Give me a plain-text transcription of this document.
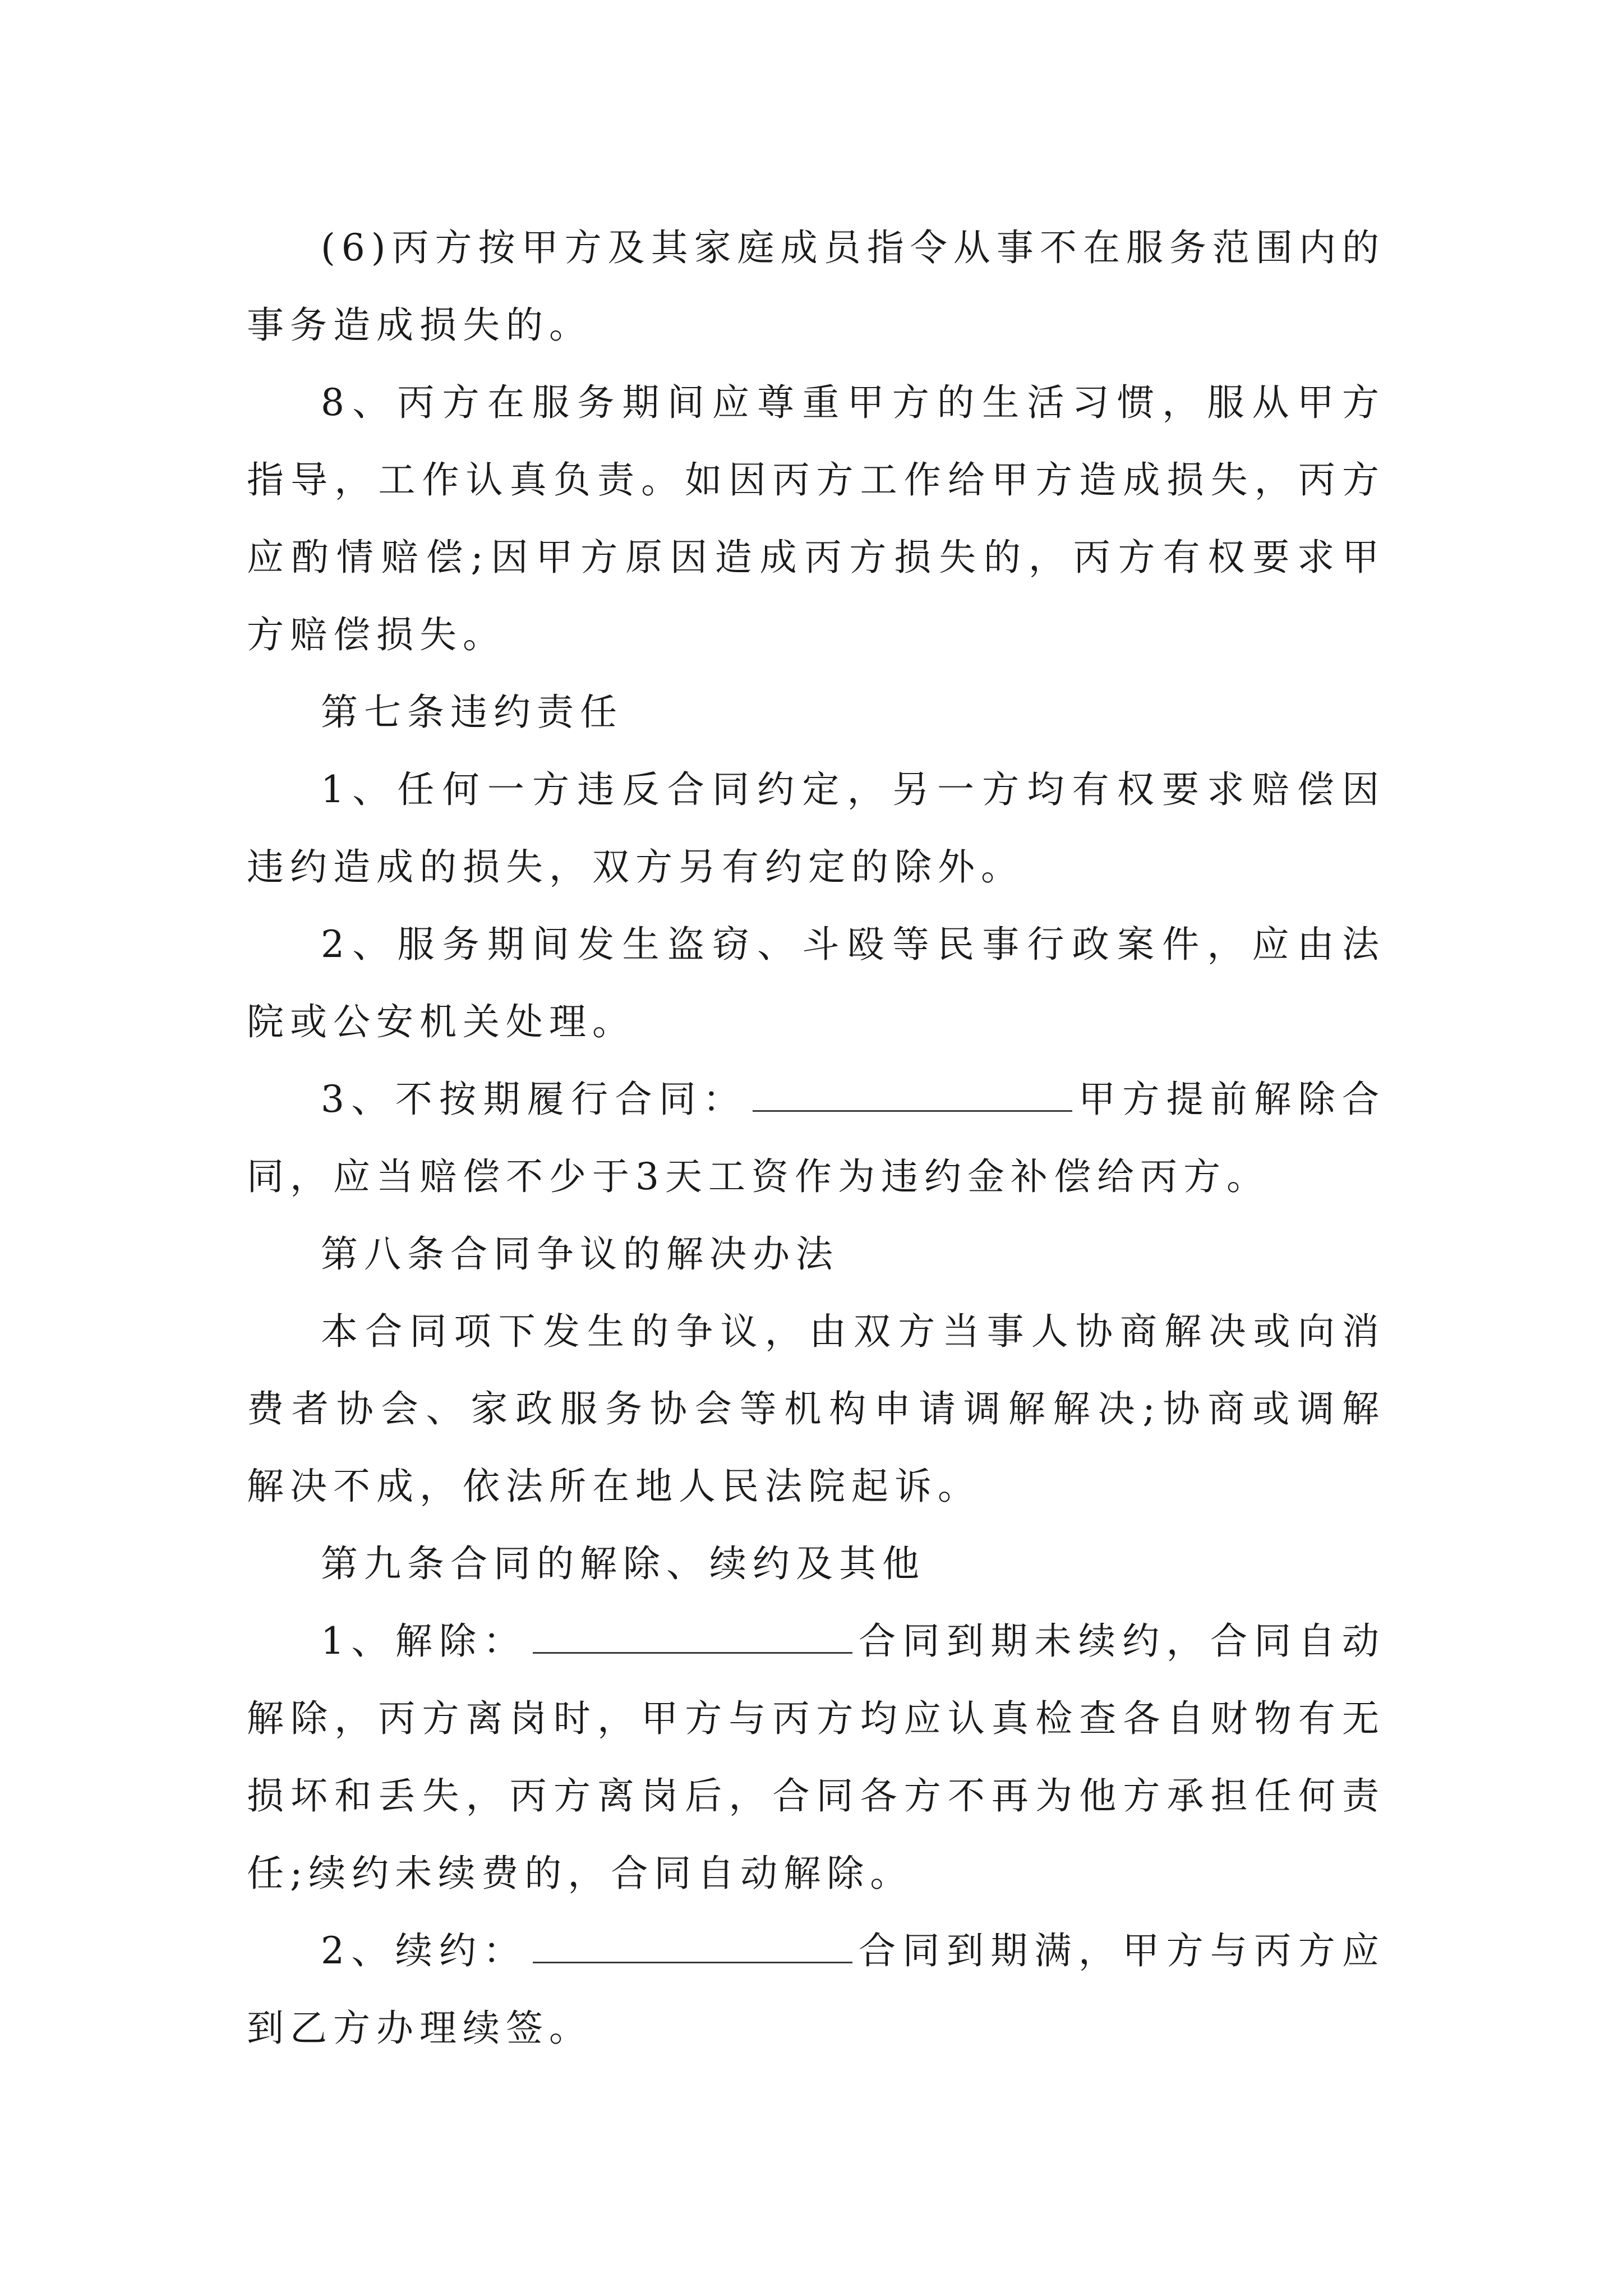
(6)丙方按甲方及其家庭成员指令从事不在服务范围内的事务造成损失的。

8、丙方在服务期间应尊重甲方的生活习惯，服从甲方指导，工作认真负责。如因丙方工作给甲方造成损失，丙方应酌情赔偿;因甲方原因造成丙方损失的，丙方有权要求甲方赔偿损失。

第七条违约责任

1、任何一方违反合同约定，另一方均有权要求赔偿因违约造成的损失，双方另有约定的除外。

2、服务期间发生盗窃、斗殴等民事行政案件，应由法院或公安机关处理。

3、不按期履行合同：	甲方提前解除合同，应当赔偿不少于3天工资作为违约金补偿给丙方。

第八条合同争议的解决办法

本合同项下发生的争议，由双方当事人协商解决或向消费者协会、家政服务协会等机构申请调解解决;协商或调解解决不成，依法所在地人民法院起诉。

第九条合同的解除、续约及其他

1、解除：	合同到期未续约，合同自动解除，丙方离岗时，甲方与丙方均应认真检查各自财物有无损坏和丢失，丙方离岗后，合同各方不再为他方承担任何责任;续约未续费的，合同自动解除。

2、续约：	合同到期满，甲方与丙方应到乙方办理续签。
